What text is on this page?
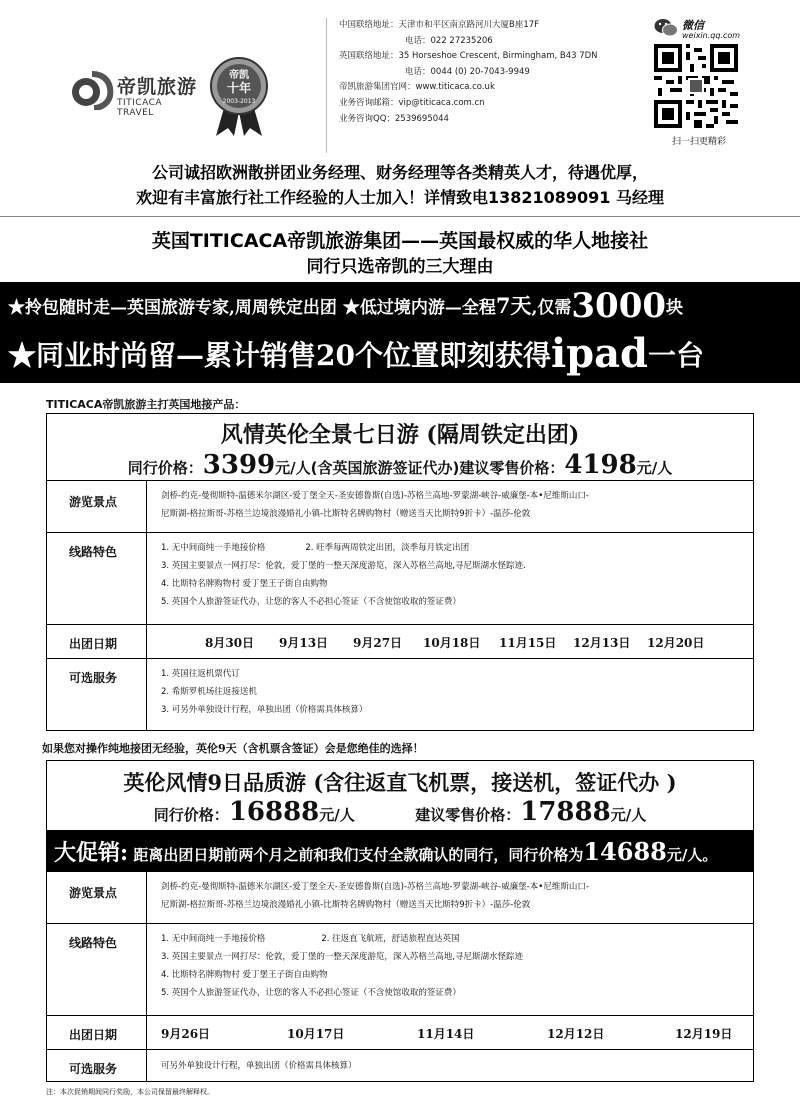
帝凯旅游
TITICACA TRAVEL
帝凯
十年
2003-2013
中国联络地址：天津市和平区南京路河川大厦B座17F
电话：022 27235206
英国联络地址：35 Horseshoe Crescent, Birmingham, B43 7DN
电话：0044 (0) 20-7043-9949
帝凯旅游集团官网：www.titicaca.co.uk
业务咨询邮箱：vip@titicaca.com.cn
业务咨询QQ：2539695044
微信
weixin.qq.com
扫一扫更精彩
公司诚招欧洲散拼团业务经理、财务经理等各类精英人才，待遇优厚，
欢迎有丰富旅行社工作经验的人士加入！详情致电13821089091 马经理
英国TITICACA帝凯旅游集团——英国最权威的华人地接社
同行只选帝凯的三大理由
★拎包随时走—英国旅游专家,周周铁定出团 ★低过境内游—全程7天,仅需3000块
★同业时尚留—累计销售20个位置即刻获得ipad一台
TITICACA帝凯旅游主打英国地接产品：
风情英伦全景七日游 (隔周铁定出团)
同行价格：3399元/人(含英国旅游签证代办)建议零售价格：4198元/人
游览景点	剑桥-约克-曼彻斯特-温德米尔湖区-爱丁堡全天-圣安德鲁斯(自选)-苏格兰高地-罗蒙湖-峡谷-威廉堡-本•尼维斯山口-
尼斯湖-格拉斯哥-苏格兰边境浪漫婚礼小镇-比斯特名牌购物村（赠送当天比斯特9折卡）-温莎-伦敦
线路特色	1. 无中间商纯一手地接价格	2. 旺季每两周铁定出团，淡季每月铁定出团
3. 英国主要景点一网打尽：伦敦，爱丁堡的一整天深度游览，深入苏格兰高地,寻尼斯湖水怪踪迹.
4. 比斯特名牌购物村 爱丁堡王子街自由购物
5. 英国个人旅游签证代办，让您的客人不必担心签证（不含使馆收取的签证费）
出团日期	8月30日 9月13日 9月27日 10月18日 11月15日 12月13日 12月20日
可选服务	1. 英国往返机票代订
2. 希斯罗机场往返接送机
3. 可另外单独设计行程，单独出团（价格需具体核算）
如果您对操作纯地接团无经验，英伦9天（含机票含签证）会是您绝佳的选择！
英伦风情9日品质游 (含往返直飞机票，接送机，签证代办 )
同行价格：16888元/人	建议零售价格：17888元/人
游览景点	剑桥-约克-曼彻斯特-温德米尔湖区-爱丁堡全天-圣安德鲁斯(自选)-苏格兰高地-罗蒙湖-峡谷-威廉堡-本•尼维斯山口-
尼斯湖-格拉斯哥-苏格兰边境浪漫婚礼小镇-比斯特名牌购物村（赠送当天比斯特9折卡）-温莎-伦敦
线路特色	1. 无中间商纯一手地接价格	2. 往返直飞航班，舒适旅程直达英国
3. 英国主要景点一网打尽：伦敦，爱丁堡的一整天深度游览，深入苏格兰高地,寻尼斯湖水怪踪迹
4. 比斯特名牌购物村 爱丁堡王子街自由购物
5. 英国个人旅游签证代办，让您的客人不必担心签证（不含使馆收取的签证费）
出团日期	9月26日	10月17日	11月14日	12月12日	12月19日
可选服务	可另外单独设计行程，单独出团（价格需具体核算）
大促销: 距离出团日期前两个月之前和我们支付全款确认的同行，同行价格为14688元/人。
注：本次促销期间同行奖励，本公司保留最终解释权。
